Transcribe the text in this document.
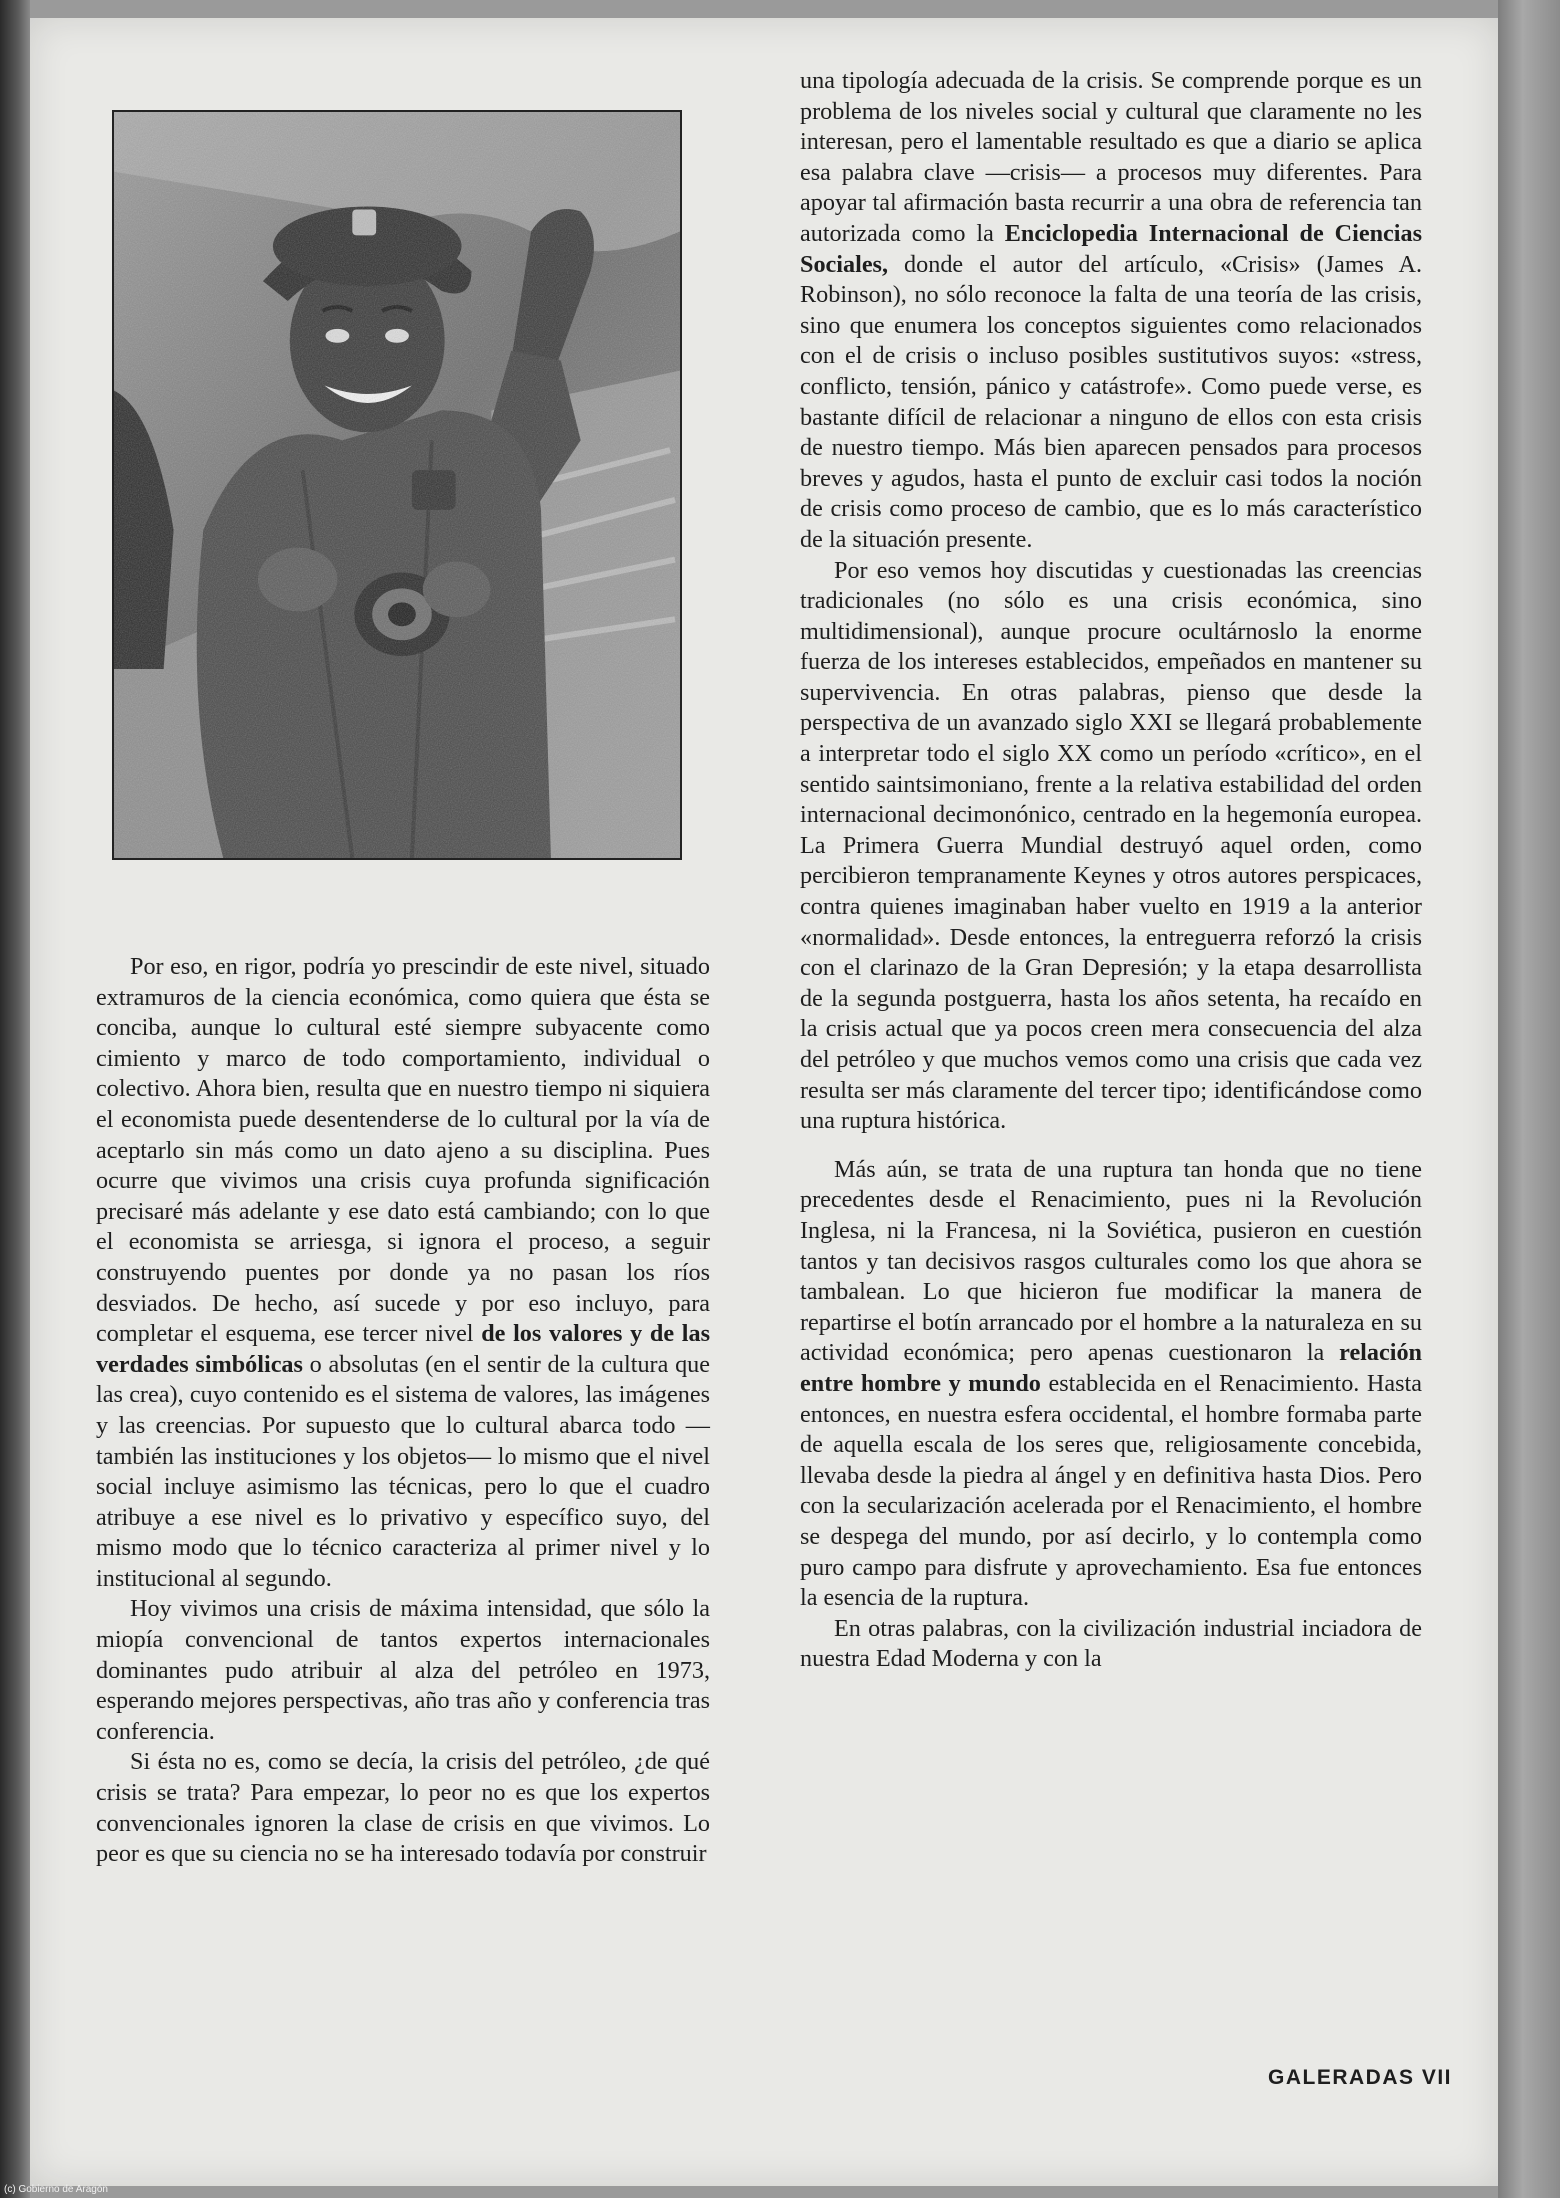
Por eso, en rigor, podría yo prescindir de este nivel, situado extramuros de la ciencia económica, como quiera que ésta se conciba, aunque lo cultural esté siempre subyacente como cimiento y marco de todo comportamiento, individual o colectivo. Ahora bien, resulta que en nuestro tiempo ni siquiera el economista puede desentenderse de lo cultural por la vía de aceptarlo sin más como un dato ajeno a su disciplina. Pues ocurre que vivimos una crisis cuya profunda significación precisaré más adelante y ese dato está cambiando; con lo que el economista se arriesga, si ignora el proceso, a seguir construyendo puentes por donde ya no pasan los ríos desviados. De hecho, así sucede y por eso incluyo, para completar el esquema, ese tercer nivel de los valores y de las verdades simbólicas o absolutas (en el sentir de la cultura que las crea), cuyo contenido es el sistema de valores, las imágenes y las creencias. Por supuesto que lo cultural abarca todo —también las instituciones y los objetos— lo mismo que el nivel social incluye asimismo las técnicas, pero lo que el cuadro atribuye a ese nivel es lo privativo y específico suyo, del mismo modo que lo técnico caracteriza al primer nivel y lo institucional al segundo.

Hoy vivimos una crisis de máxima intensidad, que sólo la miopía convencional de tantos expertos internacionales dominantes pudo atribuir al alza del petróleo en 1973, esperando mejores perspectivas, año tras año y conferencia tras conferencia.

Si ésta no es, como se decía, la crisis del petróleo, ¿de qué crisis se trata? Para empezar, lo peor no es que los expertos convencionales ignoren la clase de crisis en que vivimos. Lo peor es que su ciencia no se ha interesado todavía por construir

una tipología adecuada de la crisis. Se comprende porque es un problema de los niveles social y cultural que claramente no les interesan, pero el lamentable resultado es que a diario se aplica esa palabra clave —crisis— a procesos muy diferentes. Para apoyar tal afirmación basta recurrir a una obra de referencia tan autorizada como la Enciclopedia Internacional de Ciencias Sociales, donde el autor del artículo, «Crisis» (James A. Robinson), no sólo reconoce la falta de una teoría de las crisis, sino que enumera los conceptos siguientes como relacionados con el de crisis o incluso posibles sustitutivos suyos: «stress, conflicto, tensión, pánico y catástrofe». Como puede verse, es bastante difícil de relacionar a ninguno de ellos con esta crisis de nuestro tiempo. Más bien aparecen pensados para procesos breves y agudos, hasta el punto de excluir casi todos la noción de crisis como proceso de cambio, que es lo más característico de la situación presente.

Por eso vemos hoy discutidas y cuestionadas las creencias tradicionales (no sólo es una crisis económica, sino multidimensional), aunque procure ocultárnoslo la enorme fuerza de los intereses establecidos, empeñados en mantener su supervivencia. En otras palabras, pienso que desde la perspectiva de un avanzado siglo XXI se llegará probablemente a interpretar todo el siglo XX como un período «crítico», en el sentido saintsimoniano, frente a la relativa estabilidad del orden internacional decimonónico, centrado en la hegemonía europea. La Primera Guerra Mundial destruyó aquel orden, como percibieron tempranamente Keynes y otros autores perspicaces, contra quienes imaginaban haber vuelto en 1919 a la anterior «normalidad». Desde entonces, la entreguerra reforzó la crisis con el clarinazo de la Gran Depresión; y la etapa desarrollista de la segunda postguerra, hasta los años setenta, ha recaído en la crisis actual que ya pocos creen mera consecuencia del alza del petróleo y que muchos vemos como una crisis que cada vez resulta ser más claramente del tercer tipo; identificándose como una ruptura histórica.

Más aún, se trata de una ruptura tan honda que no tiene precedentes desde el Renacimiento, pues ni la Revolución Inglesa, ni la Francesa, ni la Soviética, pusieron en cuestión tantos y tan decisivos rasgos culturales como los que ahora se tambalean. Lo que hicieron fue modificar la manera de repartirse el botín arrancado por el hombre a la naturaleza en su actividad económica; pero apenas cuestionaron la relación entre hombre y mundo establecida en el Renacimiento. Hasta entonces, en nuestra esfera occidental, el hombre formaba parte de aquella escala de los seres que, religiosamente concebida, llevaba desde la piedra al ángel y en definitiva hasta Dios. Pero con la secularización acelerada por el Renacimiento, el hombre se despega del mundo, por así decirlo, y lo contempla como puro campo para disfrute y aprovechamiento. Esa fue entonces la esencia de la ruptura.

En otras palabras, con la civilización industrial inciadora de nuestra Edad Moderna y con la

GALERADAS VII
(c) Gobierno de Aragón
